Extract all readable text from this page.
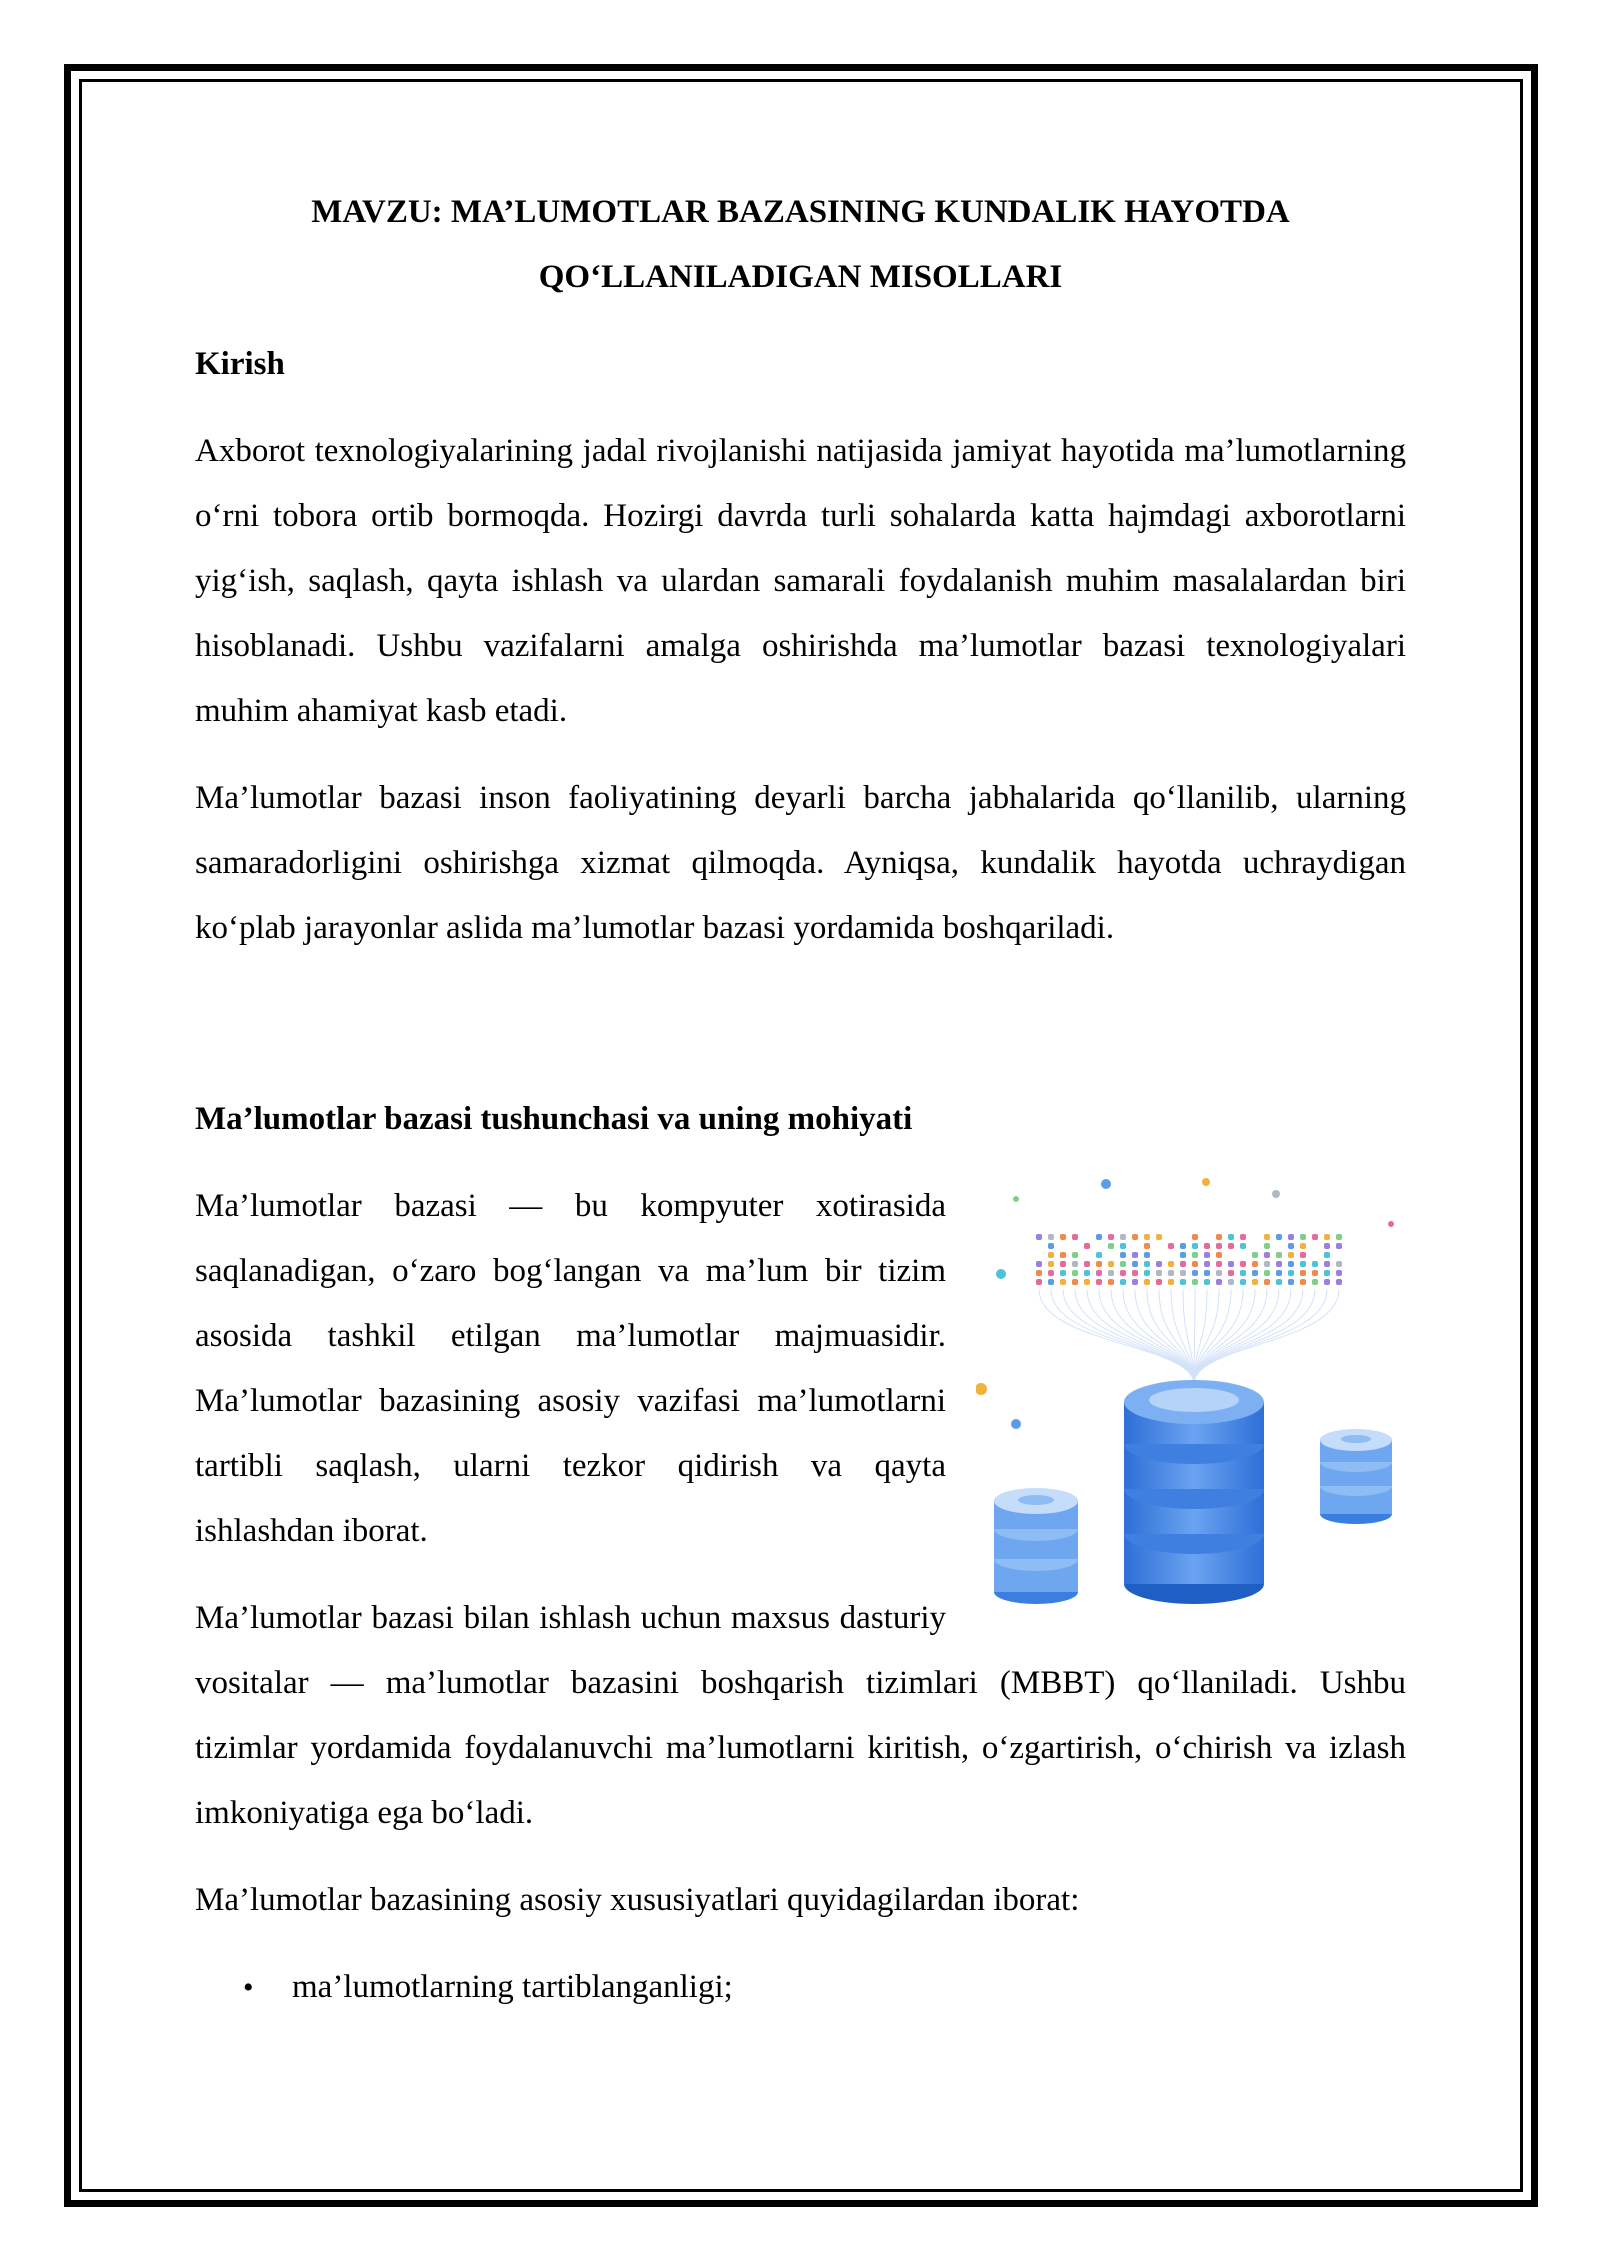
MAVZU: MA’LUMOTLAR BAZASINING KUNDALIK HAYOTDA
QO‘LLANILADIGAN MISOLLARI
Kirish

Axborot texnologiyalarining jadal rivojlanishi natijasida jamiyat hayotida ma’lumotlarning o‘rni tobora ortib bormoqda. Hozirgi davrda turli sohalarda katta hajmdagi axborotlarni yig‘ish, saqlash, qayta ishlash va ulardan samarali foydalanish muhim masalalardan biri hisoblanadi. Ushbu vazifalarni amalga oshirishda ma’lumotlar bazasi texnologiyalari muhim ahamiyat kasb etadi.

Ma’lumotlar bazasi inson faoliyatining deyarli barcha jabhalarida qo‘llanilib, ularning samaradorligini oshirishga xizmat qilmoqda. Ayniqsa, kundalik hayotda uchraydigan ko‘plab jarayonlar aslida ma’lumotlar bazasi yordamida boshqariladi.

Ma’lumotlar bazasi tushunchasi va uning mohiyati

Ma’lumotlar bazasi — bu kompyuter xotirasida saqlanadigan, o‘zaro bog‘langan va ma’lum bir tizim asosida tashkil etilgan ma’lumotlar majmuasidir. Ma’lumotlar bazasining asosiy vazifasi ma’lumotlarni tartibli saqlash, ularni tezkor qidirish va qayta ishlashdan iborat.

Ma’lumotlar bazasi bilan ishlash uchun maxsus dasturiy vositalar — ma’lumotlar bazasini boshqarish tizimlari (MBBT) qo‘llaniladi. Ushbu tizimlar yordamida foydalanuvchi ma’lumotlarni kiritish, o‘zgartirish, o‘chirish va izlash imkoniyatiga ega bo‘ladi.

Ma’lumotlar bazasining asosiy xususiyatlari quyidagilardan iborat:

• ma’lumotlarning tartiblanganligi;
